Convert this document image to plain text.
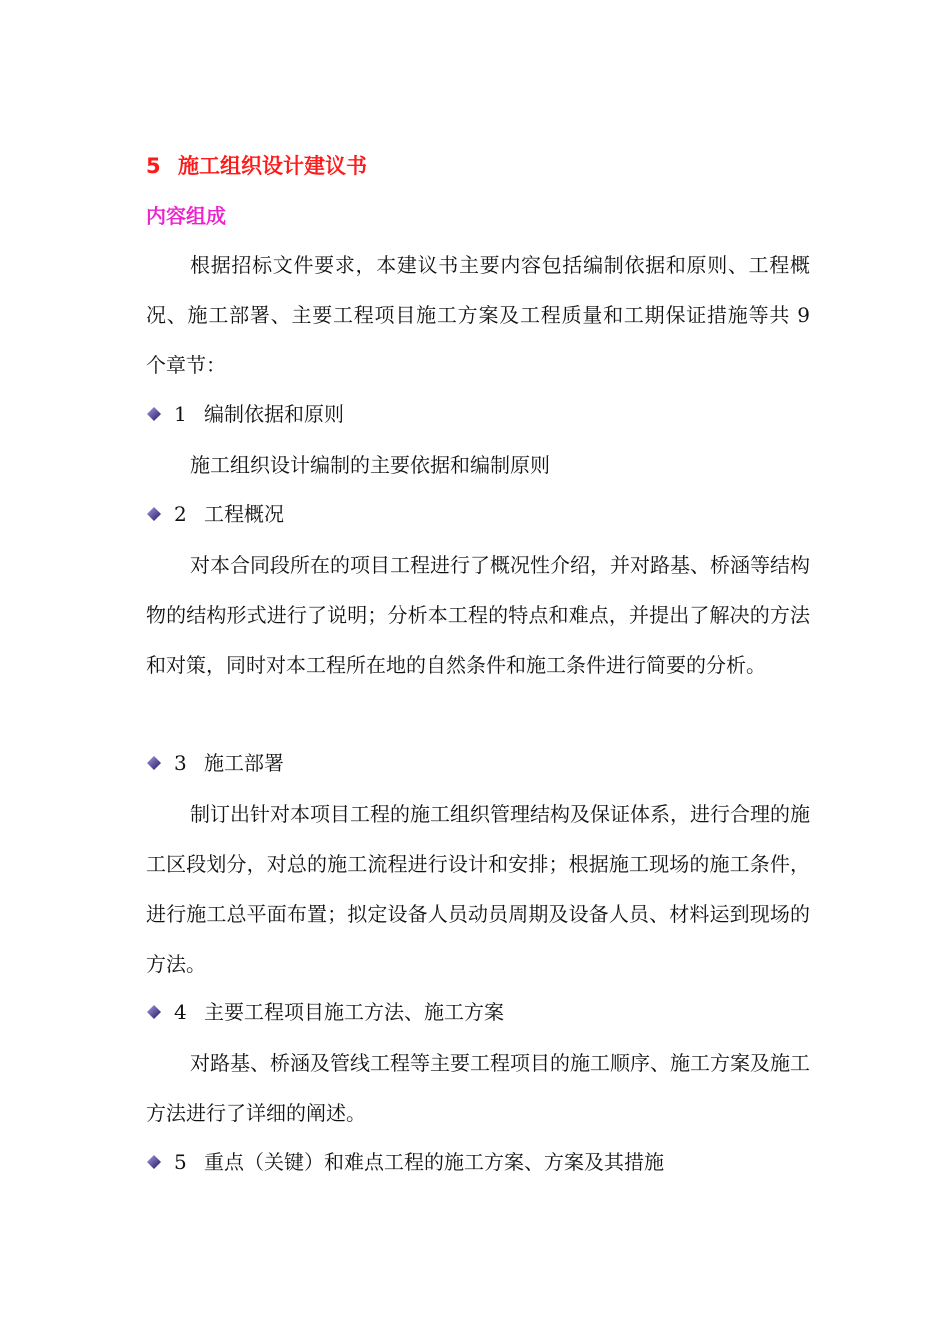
5 施工组织设计建议书
内容组成

根据招标文件要求，本建议书主要内容包括编制依据和原则、工程概况、施工部署、主要工程项目施工方案及工程质量和工期保证措施等共 9 个章节：

1 编制依据和原则

施工组织设计编制的主要依据和编制原则

2 工程概况

对本合同段所在的项目工程进行了概况性介绍，并对路基、桥涵等结构物的结构形式进行了说明；分析本工程的特点和难点，并提出了解决的方法和对策，同时对本工程所在地的自然条件和施工条件进行简要的分析。

3 施工部署

制订出针对本项目工程的施工组织管理结构及保证体系，进行合理的施工区段划分，对总的施工流程进行设计和安排；根据施工现场的施工条件，进行施工总平面布置；拟定设备人员动员周期及设备人员、材料运到现场的方法。

4 主要工程项目施工方法、施工方案

对路基、桥涵及管线工程等主要工程项目的施工顺序、施工方案及施工方法进行了详细的阐述。

5 重点（关键）和难点工程的施工方案、方案及其措施
